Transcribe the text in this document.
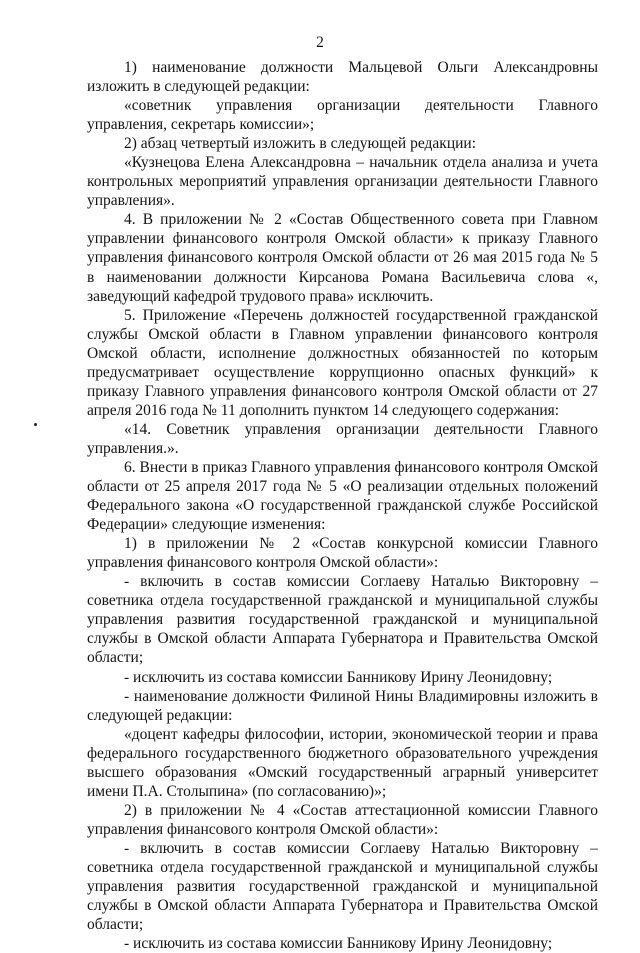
2

1) наименование должности Мальцевой Ольги Александровны изложить в следующей редакции:

«советник управления организации деятельности Главного управления, секретарь комиссии»;

2) абзац четвертый изложить в следующей редакции:

«Кузнецова Елена Александровна – начальник отдела анализа и учета контрольных мероприятий управления организации деятельности Главного управления».

4. В приложении № 2 «Состав Общественного совета при Главном управлении финансового контроля Омской области» к приказу Главного управления финансового контроля Омской области от 26 мая 2015 года № 5 в наименовании должности Кирсанова Романа Васильевича слова «, заведующий кафедрой трудового права» исключить.

5. Приложение «Перечень должностей государственной гражданской службы Омской области в Главном управлении финансового контроля Омской области, исполнение должностных обязанностей по которым предусматривает осуществление коррупционно опасных функций» к приказу Главного управления финансового контроля Омской области от 27 апреля 2016 года № 11 дополнить пунктом 14 следующего содержания:

«14. Советник управления организации деятельности Главного управления.».

6. Внести в приказ Главного управления финансового контроля Омской области от 25 апреля 2017 года № 5 «О реализации отдельных положений Федерального закона «О государственной гражданской службе Российской Федерации» следующие изменения:

1) в приложении № 2 «Состав конкурсной комиссии Главного управления финансового контроля Омской области»:

- включить в состав комиссии Соглаеву Наталью Викторовну – советника отдела государственной гражданской и муниципальной службы управления развития государственной гражданской и муниципальной службы в Омской области Аппарата Губернатора и Правительства Омской области;

- исключить из состава комиссии Банникову Ирину Леонидовну;

- наименование должности Филиной Нины Владимировны изложить в следующей редакции:

«доцент кафедры философии, истории, экономической теории и права федерального государственного бюджетного образовательного учреждения высшего образования «Омский государственный аграрный университет имени П.А. Столыпина» (по согласованию)»;

2) в приложении № 4 «Состав аттестационной комиссии Главного управления финансового контроля Омской области»:

- включить в состав комиссии Соглаеву Наталью Викторовну – советника отдела государственной гражданской и муниципальной службы управления развития государственной гражданской и муниципальной службы в Омской области Аппарата Губернатора и Правительства Омской области;

- исключить из состава комиссии Банникову Ирину Леонидовну;
